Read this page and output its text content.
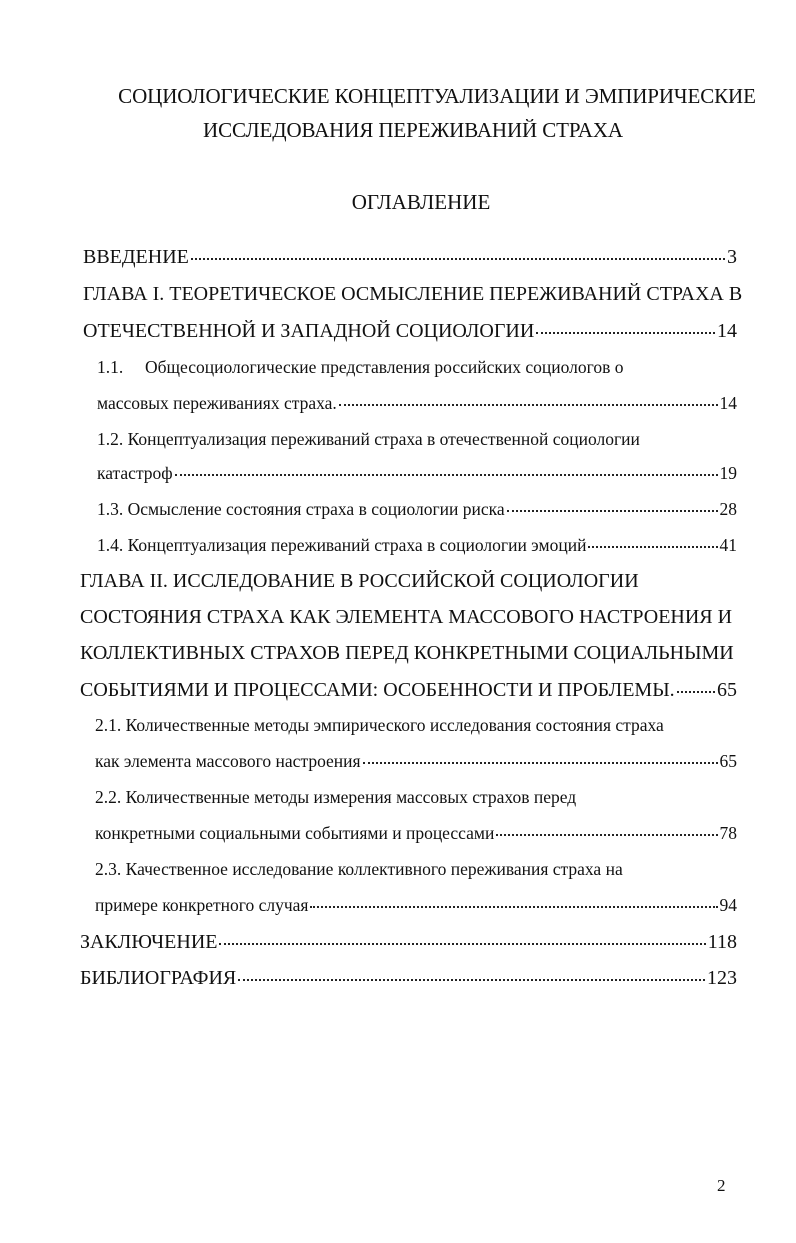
СОЦИОЛОГИЧЕСКИЕ КОНЦЕПТУАЛИЗАЦИИ И ЭМПИРИЧЕСКИЕ
ИССЛЕДОВАНИЯ ПЕРЕЖИВАНИЙ СТРАХА
ОГЛАВЛЕНИЕ
ВВЕДЕНИЕ	3
ГЛАВА I. ТЕОРЕТИЧЕСКОЕ ОСМЫСЛЕНИЕ ПЕРЕЖИВАНИЙ СТРАХА В
ОТЕЧЕСТВЕННОЙ И ЗАПАДНОЙ СОЦИОЛОГИИ	14
1.1. Общесоциологические представления российских социологов о
массовых переживаниях страха.	14
1.2. Концептуализация переживаний страха в отечественной социологии
катастроф	19
1.3. Осмысление состояния страха в социологии риска	28
1.4. Концептуализация переживаний страха в социологии эмоций	41
ГЛАВА II. ИССЛЕДОВАНИЕ В РОССИЙСКОЙ СОЦИОЛОГИИ
СОСТОЯНИЯ СТРАХА КАК ЭЛЕМЕНТА МАССОВОГО НАСТРОЕНИЯ И
КОЛЛЕКТИВНЫХ СТРАХОВ ПЕРЕД КОНКРЕТНЫМИ СОЦИАЛЬНЫМИ
СОБЫТИЯМИ И ПРОЦЕССАМИ: ОСОБЕННОСТИ И ПРОБЛЕМЫ. 65
2.1. Количественные методы эмпирического исследования состояния страха
как элемента массового настроения	65
2.2. Количественные методы измерения массовых страхов перед
конкретными социальными событиями и процессами	78
2.3. Качественное исследование коллективного переживания страха на
примере конкретного случая	94
ЗАКЛЮЧЕНИЕ	118
БИБЛИОГРАФИЯ	123
2
